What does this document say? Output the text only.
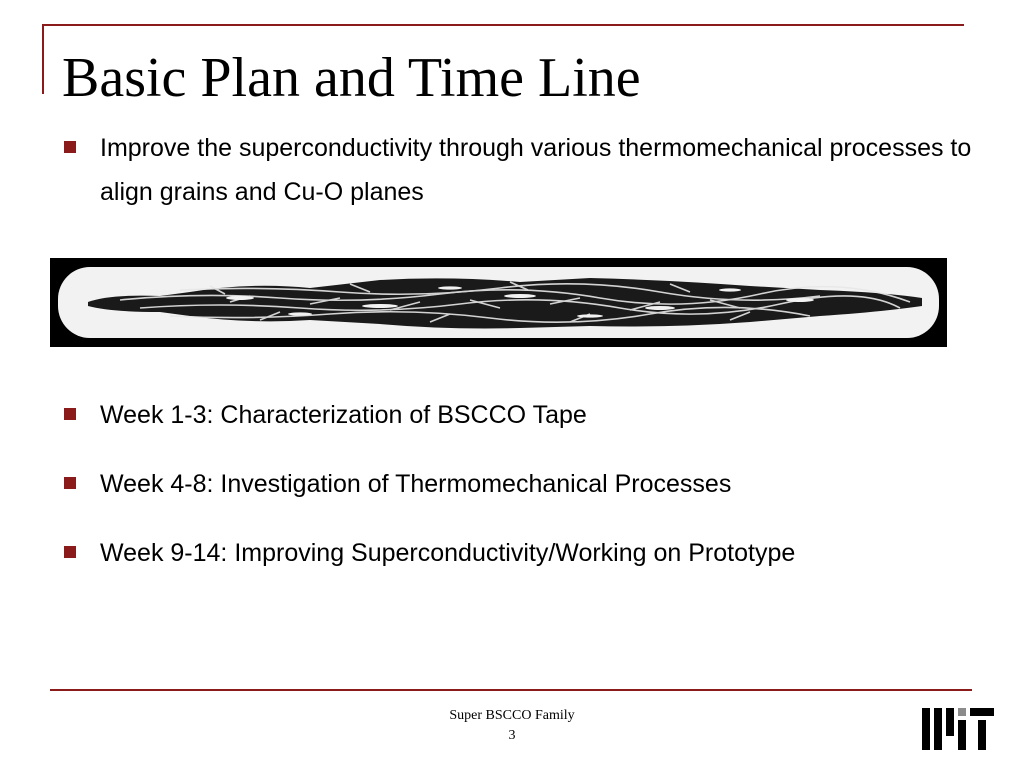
Basic Plan and Time Line
Improve the superconductivity through various thermomechanical processes to align grains and Cu-O planes
Week 1-3: Characterization of BSCCO Tape
Week 4-8: Investigation of Thermomechanical Processes
Week 9-14: Improving Superconductivity/Working on Prototype
Super BSCCO Family
3
